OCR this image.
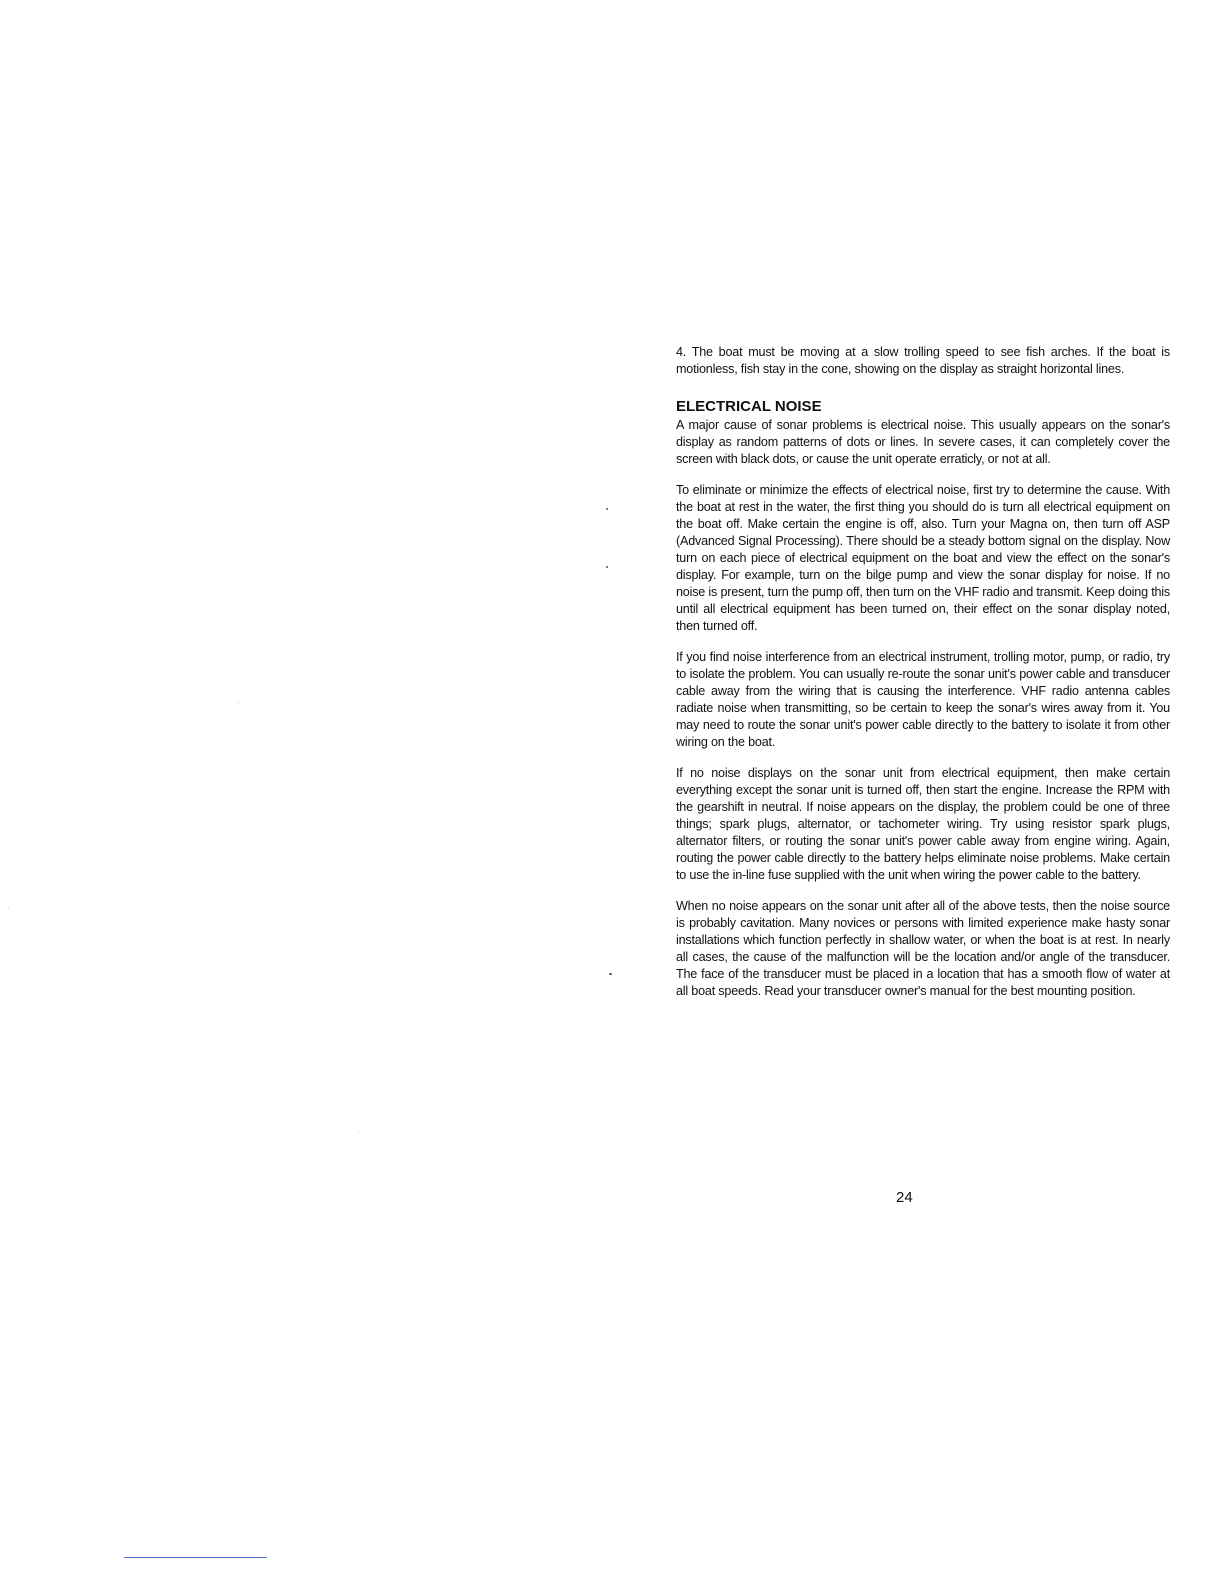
4. The boat must be moving at a slow trolling speed to see fish arches. If the boat is motionless, fish stay in the cone, showing on the display as straight horizontal lines.

ELECTRICAL NOISE

A major cause of sonar problems is electrical noise. This usually appears on the sonar's display as random patterns of dots or lines. In severe cases, it can completely cover the screen with black dots, or cause the unit operate erraticly, or not at all.

To eliminate or minimize the effects of electrical noise, first try to determine the cause. With the boat at rest in the water, the first thing you should do is turn all electrical equipment on the boat off. Make certain the engine is off, also. Turn your Magna on, then turn off ASP (Advanced Signal Processing). There should be a steady bottom signal on the display. Now turn on each piece of electrical equipment on the boat and view the effect on the sonar's display. For example, turn on the bilge pump and view the sonar display for noise. If no noise is present, turn the pump off, then turn on the VHF radio and transmit. Keep doing this until all electrical equipment has been turned on, their effect on the sonar display noted, then turned off.

If you find noise interference from an electrical instrument, trolling motor, pump, or radio, try to isolate the problem. You can usually re-route the sonar unit's power cable and transducer cable away from the wiring that is causing the interference. VHF radio antenna cables radiate noise when transmitting, so be certain to keep the sonar's wires away from it. You may need to route the sonar unit's power cable directly to the battery to isolate it from other wiring on the boat.

If no noise displays on the sonar unit from electrical equipment, then make certain everything except the sonar unit is turned off, then start the engine. Increase the RPM with the gearshift in neutral. If noise appears on the display, the problem could be one of three things; spark plugs, alternator, or tachometer wiring. Try using resistor spark plugs, alternator filters, or routing the sonar unit's power cable away from engine wiring. Again, routing the power cable directly to the battery helps eliminate noise problems. Make certain to use the in-line fuse supplied with the unit when wiring the power cable to the battery.

When no noise appears on the sonar unit after all of the above tests, then the noise source is probably cavitation. Many novices or persons with limited experience make hasty sonar installations which function perfectly in shallow water, or when the boat is at rest. In nearly all cases, the cause of the malfunction will be the location and/or angle of the transducer. The face of the transducer must be placed in a location that has a smooth flow of water at all boat speeds. Read your transducer owner's manual for the best mounting position.

24
